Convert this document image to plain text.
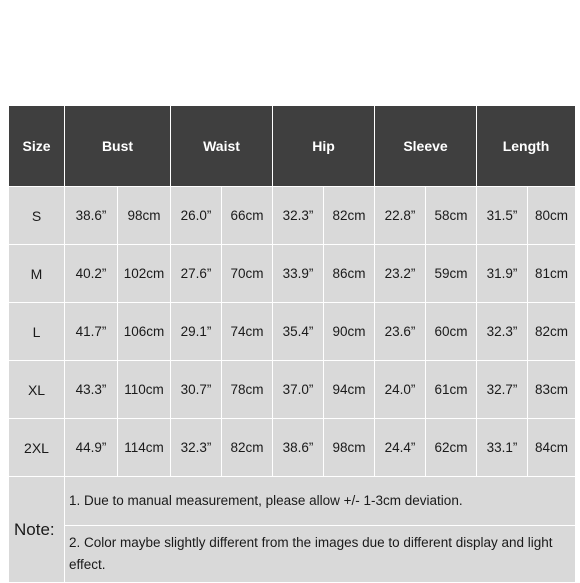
Size	Bust		Waist		Hip		Sleeve		Length	
S	38.6”	98cm	26.0”	66cm	32.3”	82cm	22.8”	58cm	31.5”	80cm
M	40.2”	102cm	27.6”	70cm	33.9”	86cm	23.2”	59cm	31.9”	81cm
L	41.7”	106cm	29.1”	74cm	35.4”	90cm	23.6”	60cm	32.3”	82cm
XL	43.3”	110cm	30.7”	78cm	37.0”	94cm	24.0”	61cm	32.7”	83cm
2XL	44.9”	114cm	32.3”	82cm	38.6”	98cm	24.4”	62cm	33.1”	84cm
Note:	1. Due to manual measurement, please allow +/- 1-3cm deviation.									
	2. Color maybe slightly different from the images due to different display and light effect.									
